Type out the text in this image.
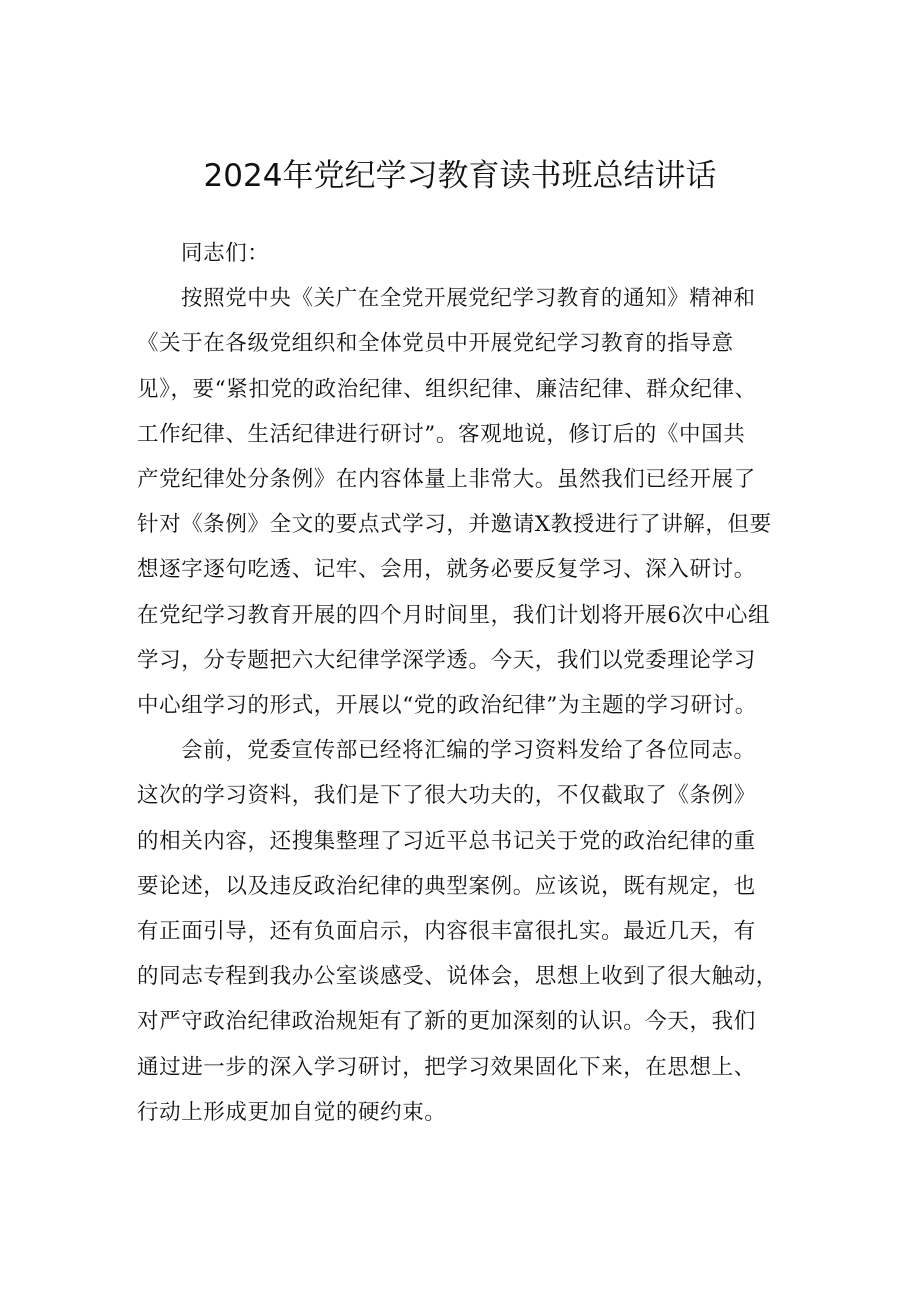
2024年党纪学习教育读书班总结讲话
同志们：
按照党中央《关广在全党开展党纪学习教育的通知》精神和
《关于在各级党组织和全体党员中开展党纪学习教育的指导意
见》，要“紧扣党的政治纪律、组织纪律、廉洁纪律、群众纪律、
工作纪律、生活纪律进行研讨”。客观地说，修订后的《中国共
产党纪律处分条例》在内容体量上非常大。虽然我们已经开展了
针对《条例》全文的要点式学习，并邀请X教授进行了讲解，但要
想逐字逐句吃透、记牢、会用，就务必要反复学习、深入研讨。
在党纪学习教育开展的四个月时间里，我们计划将开展6次中心组
学习，分专题把六大纪律学深学透。今天，我们以党委理论学习
中心组学习的形式，开展以“党的政治纪律”为主题的学习研讨。
会前，党委宣传部已经将汇编的学习资料发给了各位同志。
这次的学习资料，我们是下了很大功夫的，不仅截取了《条例》
的相关内容，还搜集整理了习近平总书记关于党的政治纪律的重
要论述，以及违反政治纪律的典型案例。应该说，既有规定，也
有正面引导，还有负面启示，内容很丰富很扎实。最近几天，有
的同志专程到我办公室谈感受、说体会，思想上收到了很大触动，
对严守政治纪律政治规矩有了新的更加深刻的认识。今天，我们
通过进一步的深入学习研讨，把学习效果固化下来，在思想上、
行动上形成更加自觉的硬约束。
